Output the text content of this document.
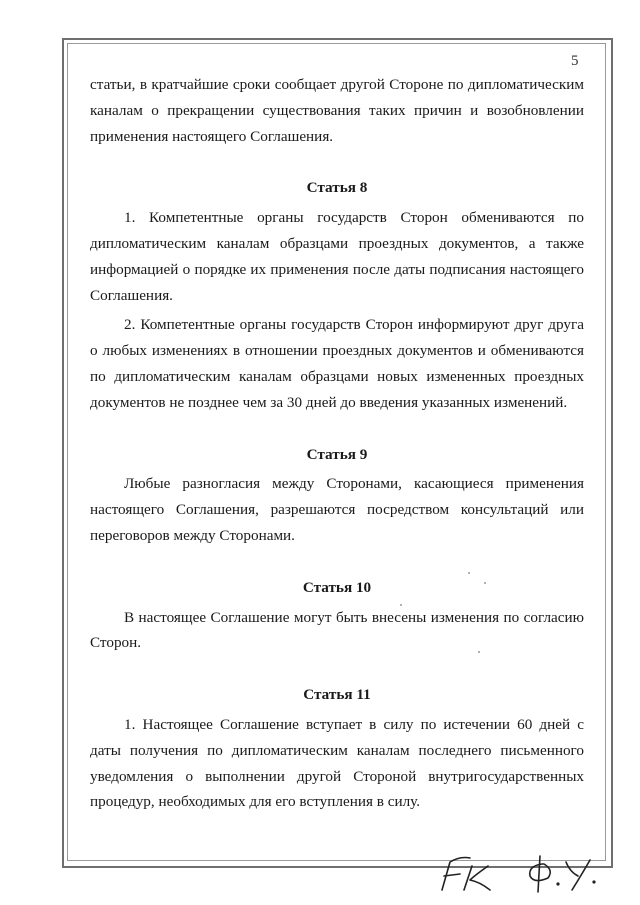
5

статьи, в кратчайшие сроки сообщает другой Стороне по дипломатическим каналам о прекращении существования таких причин и возобновлении применения настоящего Соглашения.

Статья 8

1. Компетентные органы государств Сторон обмениваются по дипломатическим каналам образцами проездных документов, а также информацией о порядке их применения после даты подписания настоящего Соглашения.

2. Компетентные органы государств Сторон информируют друг друга о любых изменениях в отношении проездных документов и обмениваются по дипломатическим каналам образцами новых измененных проездных документов не позднее чем за 30 дней до введения указанных изменений.

Статья 9

Любые разногласия между Сторонами, касающиеся применения настоящего Соглашения, разрешаются посредством консультаций или переговоров между Сторонами.

Статья 10

В настоящее Соглашение могут быть внесены изменения по согласию Сторон.

Статья 11

1. Настоящее Соглашение вступает в силу по истечении 60 дней с даты получения по дипломатическим каналам последнего письменного уведомления о выполнении другой Стороной внутригосударственных процедур, необходимых для его вступления в силу.
